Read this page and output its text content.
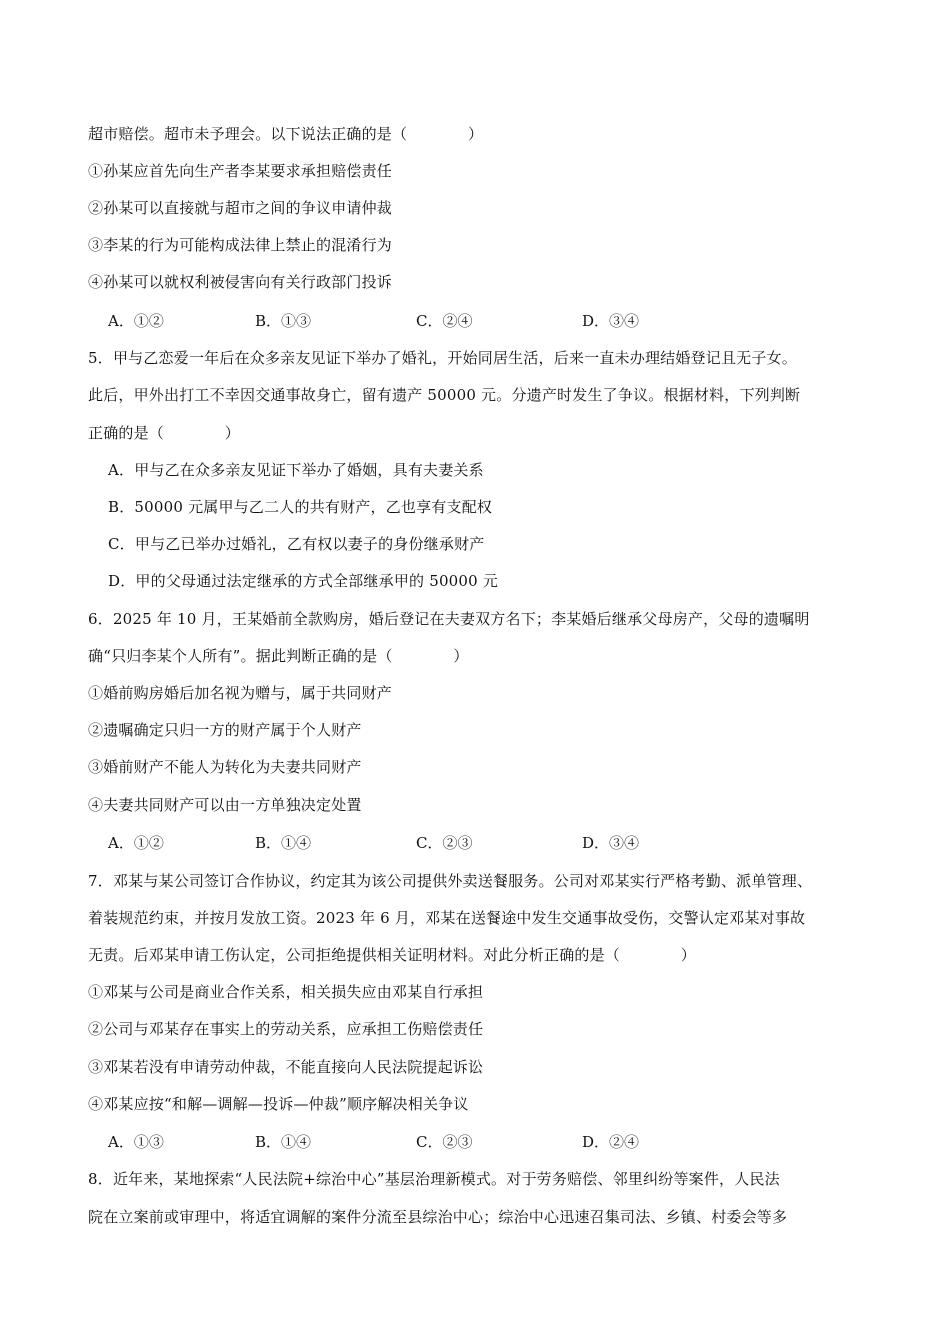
超市赔偿。超市未予理会。以下说法正确的是（　　　　）
①孙某应首先向生产者李某要求承担赔偿责任
②孙某可以直接就与超市之间的争议申请仲裁
③李某的行为可能构成法律上禁止的混淆行为
④孙某可以就权利被侵害向有关行政部门投诉
A．①②	B．①③	C．②④	D．③④
5．甲与乙恋爱一年后在众多亲友见证下举办了婚礼，开始同居生活，后来一直未办理结婚登记且无子女。
此后，甲外出打工不幸因交通事故身亡，留有遗产 50000 元。分遗产时发生了争议。根据材料，下列判断
正确的是（　　　　）
A．甲与乙在众多亲友见证下举办了婚姻，具有夫妻关系
B．50000 元属甲与乙二人的共有财产，乙也享有支配权
C．甲与乙已举办过婚礼，乙有权以妻子的身份继承财产
D．甲的父母通过法定继承的方式全部继承甲的 50000 元
6．2025 年 10 月，王某婚前全款购房，婚后登记在夫妻双方名下；李某婚后继承父母房产，父母的遗嘱明
确“只归李某个人所有”。据此判断正确的是（　　　　）
①婚前购房婚后加名视为赠与，属于共同财产
②遗嘱确定只归一方的财产属于个人财产
③婚前财产不能人为转化为夫妻共同财产
④夫妻共同财产可以由一方单独决定处置
A．①②	B．①④	C．②③	D．③④
7．邓某与某公司签订合作协议，约定其为该公司提供外卖送餐服务。公司对邓某实行严格考勤、派单管理、
着装规范约束，并按月发放工资。2023 年 6 月，邓某在送餐途中发生交通事故受伤，交警认定邓某对事故
无责。后邓某申请工伤认定，公司拒绝提供相关证明材料。对此分析正确的是（　　　　）
①邓某与公司是商业合作关系，相关损失应由邓某自行承担
②公司与邓某存在事实上的劳动关系，应承担工伤赔偿责任
③邓某若没有申请劳动仲裁，不能直接向人民法院提起诉讼
④邓某应按“和解—调解—投诉—仲裁”顺序解决相关争议
A．①③	B．①④	C．②③	D．②④
8．近年来，某地探索“人民法院+综治中心”基层治理新模式。对于劳务赔偿、邻里纠纷等案件，人民法
院在立案前或审理中，将适宜调解的案件分流至县综治中心；综治中心迅速召集司法、乡镇、村委会等多
